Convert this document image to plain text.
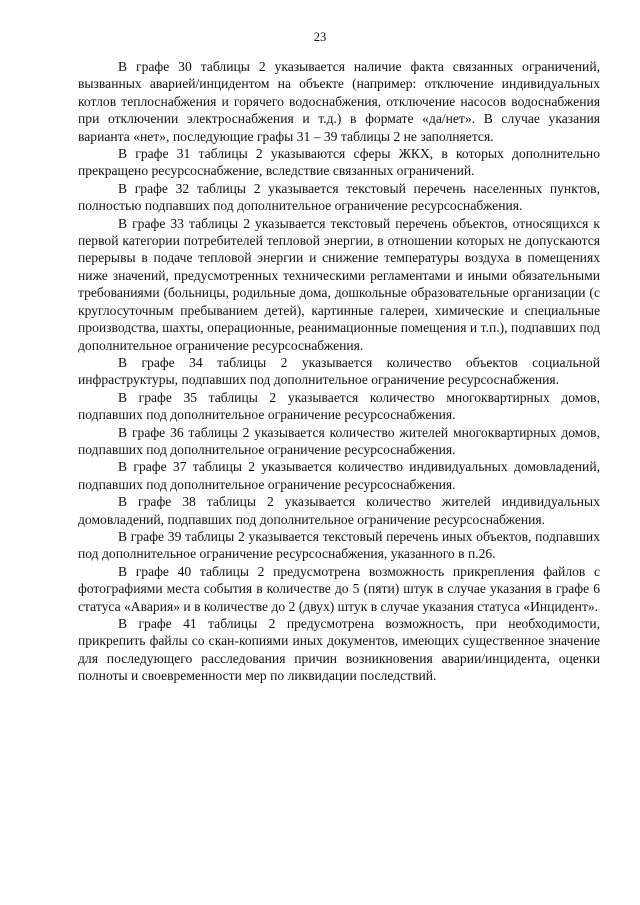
23

В графе 30 таблицы 2 указывается наличие факта связанных ограничений, вызванных аварией/инцидентом на объекте (например: отключение индивидуальных котлов теплоснабжения и горячего водоснабжения, отключение насосов водоснабжения при отключении электроснабжения и т.д.) в формате «да/нет». В случае указания варианта «нет», последующие графы 31 – 39 таблицы 2 не заполняется.

В графе 31 таблицы 2 указываются сферы ЖКХ, в которых дополнительно прекращено ресурсоснабжение, вследствие связанных ограничений.

В графе 32 таблицы 2 указывается текстовый перечень населенных пунктов, полностью подпавших под дополнительное ограничение ресурсоснабжения.

В графе 33 таблицы 2 указывается текстовый перечень объектов, относящихся к первой категории потребителей тепловой энергии, в отношении которых не допускаются перерывы в подаче тепловой энергии и снижение температуры воздуха в помещениях ниже значений, предусмотренных техническими регламентами и иными обязательными требованиями (больницы, родильные дома, дошкольные образовательные организации (с круглосуточным пребыванием детей), картинные галереи, химические и специальные производства, шахты, операционные, реанимационные помещения и т.п.), подпавших под дополнительное ограничение ресурсоснабжения.

В графе 34 таблицы 2 указывается количество объектов социальной инфраструктуры, подпавших под дополнительное ограничение ресурсоснабжения.

В графе 35 таблицы 2 указывается количество многоквартирных домов, подпавших под дополнительное ограничение ресурсоснабжения.

В графе 36 таблицы 2 указывается количество жителей многоквартирных домов, подпавших под дополнительное ограничение ресурсоснабжения.

В графе 37 таблицы 2 указывается количество индивидуальных домовладений, подпавших под дополнительное ограничение ресурсоснабжения.

В графе 38 таблицы 2 указывается количество жителей индивидуальных домовладений, подпавших под дополнительное ограничение ресурсоснабжения.

В графе 39 таблицы 2 указывается текстовый перечень иных объектов, подпавших под дополнительное ограничение ресурсоснабжения, указанного в п.26.

В графе 40 таблицы 2 предусмотрена возможность прикрепления файлов с фотографиями места события в количестве до 5 (пяти) штук в случае указания в графе 6 статуса «Авария» и в количестве до 2 (двух) штук в случае указания статуса «Инцидент».

В графе 41 таблицы 2 предусмотрена возможность, при необходимости, прикрепить файлы со скан-копиями иных документов, имеющих существенное значение для последующего расследования причин возникновения аварии/инцидента, оценки полноты и своевременности мер по ликвидации последствий.
